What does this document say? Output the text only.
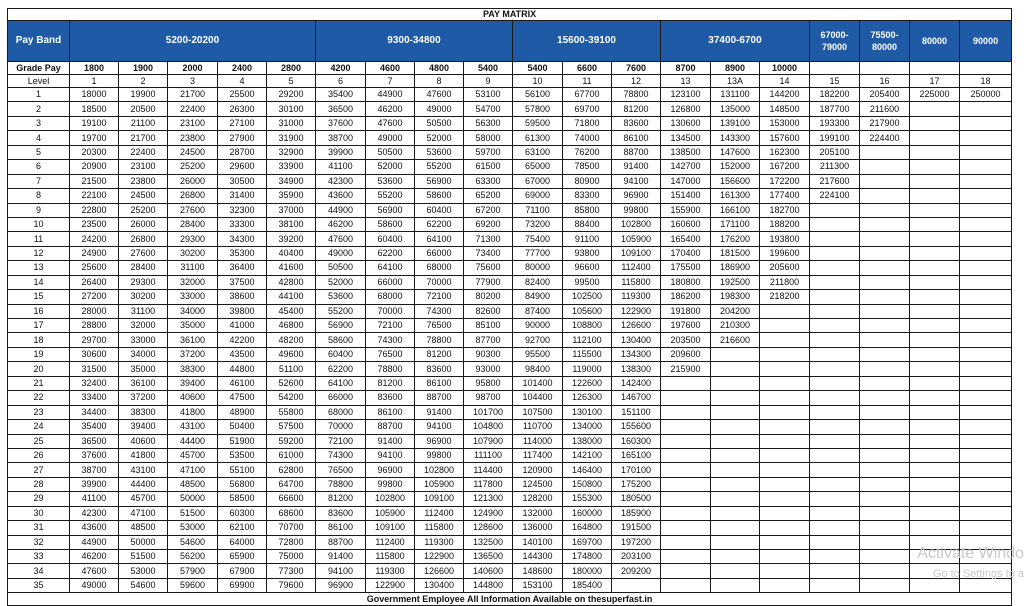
PAY MATRIX																			
Pay Band	5200-20200					9300-34800				15600-39100			37400-6700			67000-79000	75500-80000	80000	90000
Grade Pay	1800	1900	2000	2400	2800	4200	4600	4800	5400	5400	6600	7600	8700	8900	10000				
Level	1	2	3	4	5	6	7	8	9	10	11	12	13	13A	14	15	16	17	18
1	18000	19900	21700	25500	29200	35400	44900	47600	53100	56100	67700	78800	123100	131100	144200	182200	205400	225000	250000
2	18500	20500	22400	26300	30100	36500	46200	49000	54700	57800	69700	81200	126800	135000	148500	187700	211600		
3	19100	21100	23100	27100	31000	37600	47600	50500	56300	59500	71800	83600	130600	139100	153000	193300	217900		
4	19700	21700	23800	27900	31900	38700	49000	52000	58000	61300	74000	86100	134500	143300	157600	199100	224400		
5	20300	22400	24500	28700	32900	39900	50500	53600	59700	63100	76200	88700	138500	147600	162300	205100			
6	20900	23100	25200	29600	33900	41100	52000	55200	61500	65000	78500	91400	142700	152000	167200	211300			
7	21500	23800	26000	30500	34900	42300	53600	56900	63300	67000	80900	94100	147000	156600	172200	217600			
8	22100	24500	26800	31400	35900	43600	55200	58600	65200	69000	83300	96900	151400	161300	177400	224100			
9	22800	25200	27600	32300	37000	44900	56900	60400	67200	71100	85800	99800	155900	166100	182700				
10	23500	26000	28400	33300	38100	46200	58600	62200	69200	73200	88400	102800	160600	171100	188200				
11	24200	26800	29300	34300	39200	47600	60400	64100	71300	75400	91100	105900	165400	176200	193800				
12	24900	27600	30200	35300	40400	49000	62200	66000	73400	77700	93800	109100	170400	181500	199600				
13	25600	28400	31100	36400	41600	50500	64100	68000	75600	80000	96600	112400	175500	186900	205600				
14	26400	29300	32000	37500	42800	52000	66000	70000	77900	82400	99500	115800	180800	192500	211800				
15	27200	30200	33000	38600	44100	53600	68000	72100	80200	84900	102500	119300	186200	198300	218200				
16	28000	31100	34000	39800	45400	55200	70000	74300	82600	87400	105600	122900	191800	204200					
17	28800	32000	35000	41000	46800	56900	72100	76500	85100	90000	108800	126600	197600	210300					
18	29700	33000	36100	42200	48200	58600	74300	78800	87700	92700	112100	130400	203500	216600					
19	30600	34000	37200	43500	49600	60400	76500	81200	90300	95500	115500	134300	209600						
20	31500	35000	38300	44800	51100	62200	78800	83600	93000	98400	119000	138300	215900						
21	32400	36100	39400	46100	52600	64100	81200	86100	95800	101400	122600	142400							
22	33400	37200	40600	47500	54200	66000	83600	88700	98700	104400	126300	146700							
23	34400	38300	41800	48900	55800	68000	86100	91400	101700	107500	130100	151100							
24	35400	39400	43100	50400	57500	70000	88700	94100	104800	110700	134000	155600							
25	36500	40600	44400	51900	59200	72100	91400	96900	107900	114000	138000	160300							
26	37600	41800	45700	53500	61000	74300	94100	99800	111100	117400	142100	165100							
27	38700	43100	47100	55100	62800	76500	96900	102800	114400	120900	146400	170100							
28	39900	44400	48500	56800	64700	78800	99800	105900	117800	124500	150800	175200							
29	41100	45700	50000	58500	66600	81200	102800	109100	121300	128200	155300	180500							
30	42300	47100	51500	60300	68600	83600	105900	112400	124900	132000	160000	185900							
31	43600	48500	53000	62100	70700	86100	109100	115800	128600	136000	164800	191500							
32	44900	50000	54600	64000	72800	88700	112400	119300	132500	140100	169700	197200							
33	46200	51500	56200	65900	75000	91400	115800	122900	136500	144300	174800	203100							
34	47600	53000	57900	67900	77300	94100	119300	126600	140600	148600	180000	209200							
35	49000	54600	59600	69900	79600	96900	122900	130400	144800	153100	185400								
Government Employee All Information Available on thesuperfast.in																			
Activate Windo
Go to Settings to a
